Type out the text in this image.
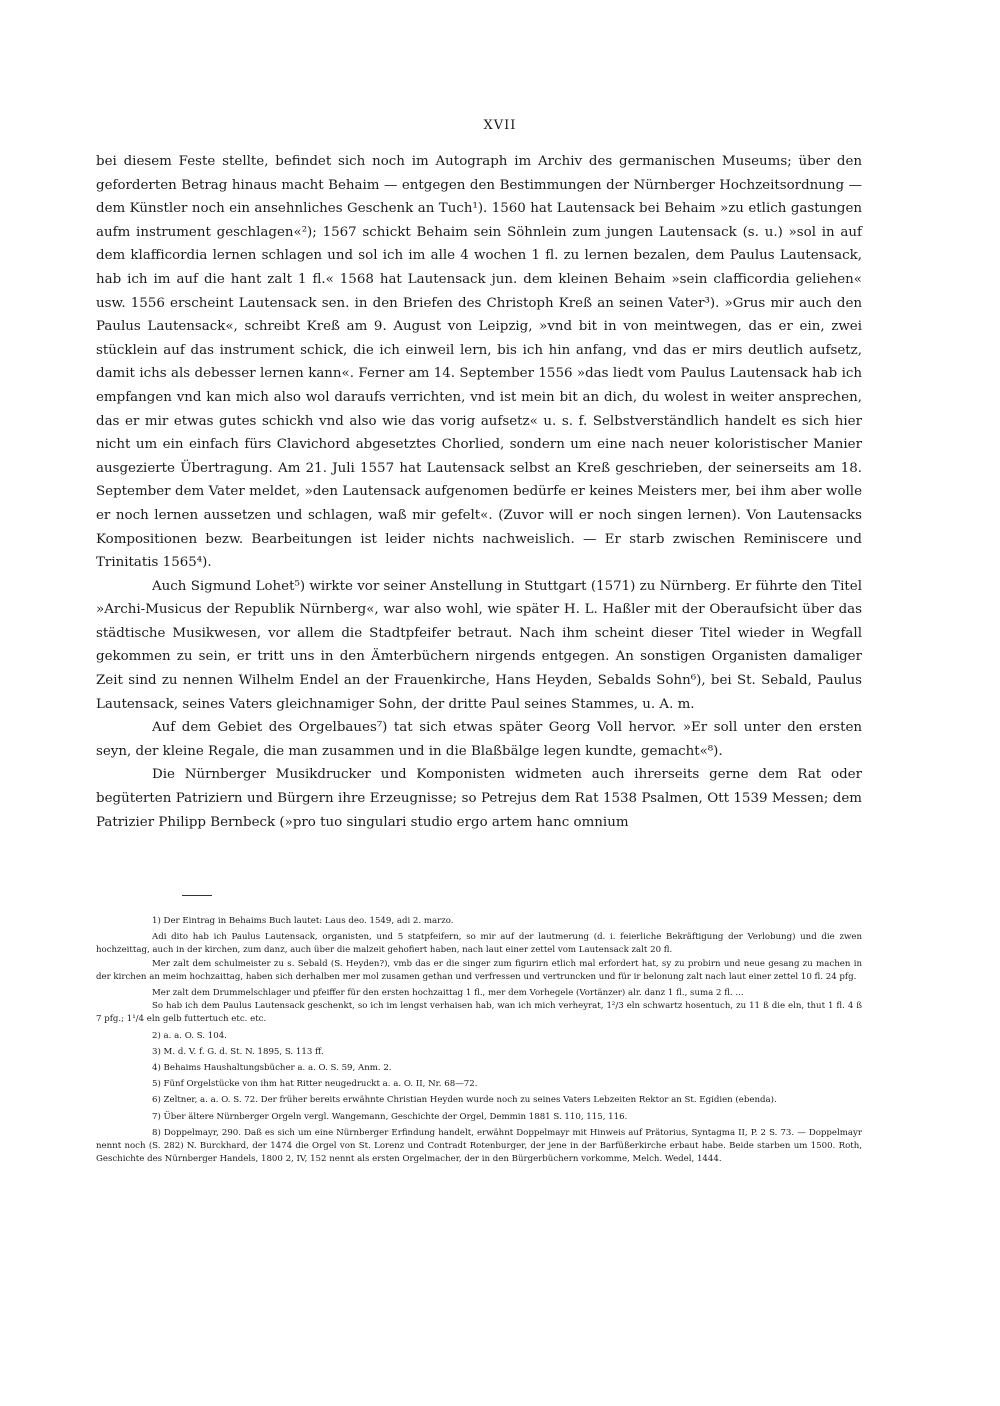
XVII

bei diesem Feste stellte, befindet sich noch im Autograph im Archiv des germanischen Museums; über den geforderten Betrag hinaus macht Behaim — entgegen den Bestimmungen der Nürnberger Hochzeitsordnung — dem Künstler noch ein ansehnliches Geschenk an Tuch¹). 1560 hat Lautensack bei Behaim »zu etlich gastungen aufm instrument geschlagen«²); 1567 schickt Behaim sein Söhnlein zum jungen Lautensack (s. u.) »sol in auf dem klafficordia lernen schlagen und sol ich im alle 4 wochen 1 fl. zu lernen bezalen, dem Paulus Lautensack, hab ich im auf die hant zalt 1 fl.« 1568 hat Lautensack jun. dem kleinen Behaim »sein clafficordia geliehen« usw. 1556 erscheint Lautensack sen. in den Briefen des Christoph Kreß an seinen Vater³). »Grus mir auch den Paulus Lautensack«, schreibt Kreß am 9. August von Leipzig, »vnd bit in von meintwegen, das er ein, zwei stücklein auf das instrument schick, die ich einweil lern, bis ich hin anfang, vnd das er mirs deutlich aufsetz, damit ichs als debesser lernen kann«. Ferner am 14. September 1556 »das liedt vom Paulus Lautensack hab ich empfangen vnd kan mich also wol daraufs verrichten, vnd ist mein bit an dich, du wolest in weiter ansprechen, das er mir etwas gutes schickh vnd also wie das vorig aufsetz« u. s. f. Selbstverständlich handelt es sich hier nicht um ein einfach fürs Clavichord abgesetztes Chorlied, sondern um eine nach neuer koloristischer Manier ausgezierte Übertragung. Am 21. Juli 1557 hat Lautensack selbst an Kreß geschrieben, der seinerseits am 18. September dem Vater meldet, »den Lautensack aufgenomen bedürfe er keines Meisters mer, bei ihm aber wolle er noch lernen aussetzen und schlagen, waß mir gefelt«. (Zuvor will er noch singen lernen). Von Lautensacks Kompositionen bezw. Bearbeitungen ist leider nichts nachweislich. — Er starb zwischen Reminiscere und Trinitatis 1565⁴).

Auch Sigmund Lohet⁵) wirkte vor seiner Anstellung in Stuttgart (1571) zu Nürnberg. Er führte den Titel »Archi-Musicus der Republik Nürnberg«, war also wohl, wie später H. L. Haßler mit der Oberaufsicht über das städtische Musikwesen, vor allem die Stadtpfeifer betraut. Nach ihm scheint dieser Titel wieder in Wegfall gekommen zu sein, er tritt uns in den Ämterbüchern nirgends entgegen. An sonstigen Organisten damaliger Zeit sind zu nennen Wilhelm Endel an der Frauenkirche, Hans Heyden, Sebalds Sohn⁶), bei St. Sebald, Paulus Lautensack, seines Vaters gleichnamiger Sohn, der dritte Paul seines Stammes, u. A. m.

Auf dem Gebiet des Orgelbaues⁷) tat sich etwas später Georg Voll hervor. »Er soll unter den ersten seyn, der kleine Regale, die man zusammen und in die Blaßbälge legen kundte, gemacht«⁸).

Die Nürnberger Musikdrucker und Komponisten widmeten auch ihrerseits gerne dem Rat oder begüterten Patriziern und Bürgern ihre Erzeugnisse; so Petrejus dem Rat 1538 Psalmen, Ott 1539 Messen; dem Patrizier Philipp Bernbeck (»pro tuo singulari studio ergo artem hanc omnium

1) Der Eintrag in Behaims Buch lautet: Laus deo. 1549, adi 2. marzo.

Adi dito hab ich Paulus Lautensack, organisten, und 5 statpfeifern, so mir auf der lautmerung (d. i. feierliche Bekräftigung der Verlobung) und die zwen hochzeittag, auch in der kirchen, zum danz, auch über die malzeit gehofiert haben, nach laut einer zettel vom Lautensack zalt 20 fl.

Mer zalt dem schulmeister zu s. Sebald (S. Heyden?), vmb das er die singer zum figurirn etlich mal erfordert hat, sy zu probirn und neue gesang zu machen in der kirchen an meim hochzaittag, haben sich derhalben mer mol zusamen gethan und verfressen und vertruncken und für ir belonung zalt nach laut einer zettel 10 fl. 24 pfg.

Mer zalt dem Drummelschlager und pfeiffer für den ersten hochzaittag 1 fl., mer dem Vorhegele (Vortänzer) alr. danz 1 fl., suma 2 fl. ...

So hab ich dem Paulus Lautensack geschenkt, so ich im lengst verhaisen hab, wan ich mich verheyrat, 1²/3 eln schwartz hosentuch, zu 11 ß die eln, thut 1 fl. 4 ß 7 pfg.; 1¹/4 eln gelb futtertuch etc. etc.

2) a. a. O. S. 104.

3) M. d. V. f. G. d. St. N. 1895, S. 113 ff.

4) Behaims Haushaltungsbücher a. a. O. S. 59, Anm. 2.

5) Fünf Orgelstücke von ihm hat Ritter neugedruckt a. a. O. II, Nr. 68—72.

6) Zeltner, a. a. O. S. 72. Der früher bereits erwähnte Christian Heyden wurde noch zu seines Vaters Lebzeiten Rektor an St. Egidien (ebenda).

7) Über ältere Nürnberger Orgeln vergl. Wangemann, Geschichte der Orgel, Demmin 1881 S. 110, 115, 116.

8) Doppelmayr, 290. Daß es sich um eine Nürnberger Erfindung handelt, erwähnt Doppelmayr mit Hinweis auf Prätorius, Syntagma II, P. 2 S. 73. — Doppelmayr nennt noch (S. 282) N. Burckhard, der 1474 die Orgel von St. Lorenz und Contradt Rotenburger, der jene in der Barfüßerkirche erbaut habe. Beide starben um 1500. Roth, Geschichte des Nürnberger Handels, 1800 2, IV, 152 nennt als ersten Orgelmacher, der in den Bürgerbüchern vorkomme, Melch. Wedel, 1444.
